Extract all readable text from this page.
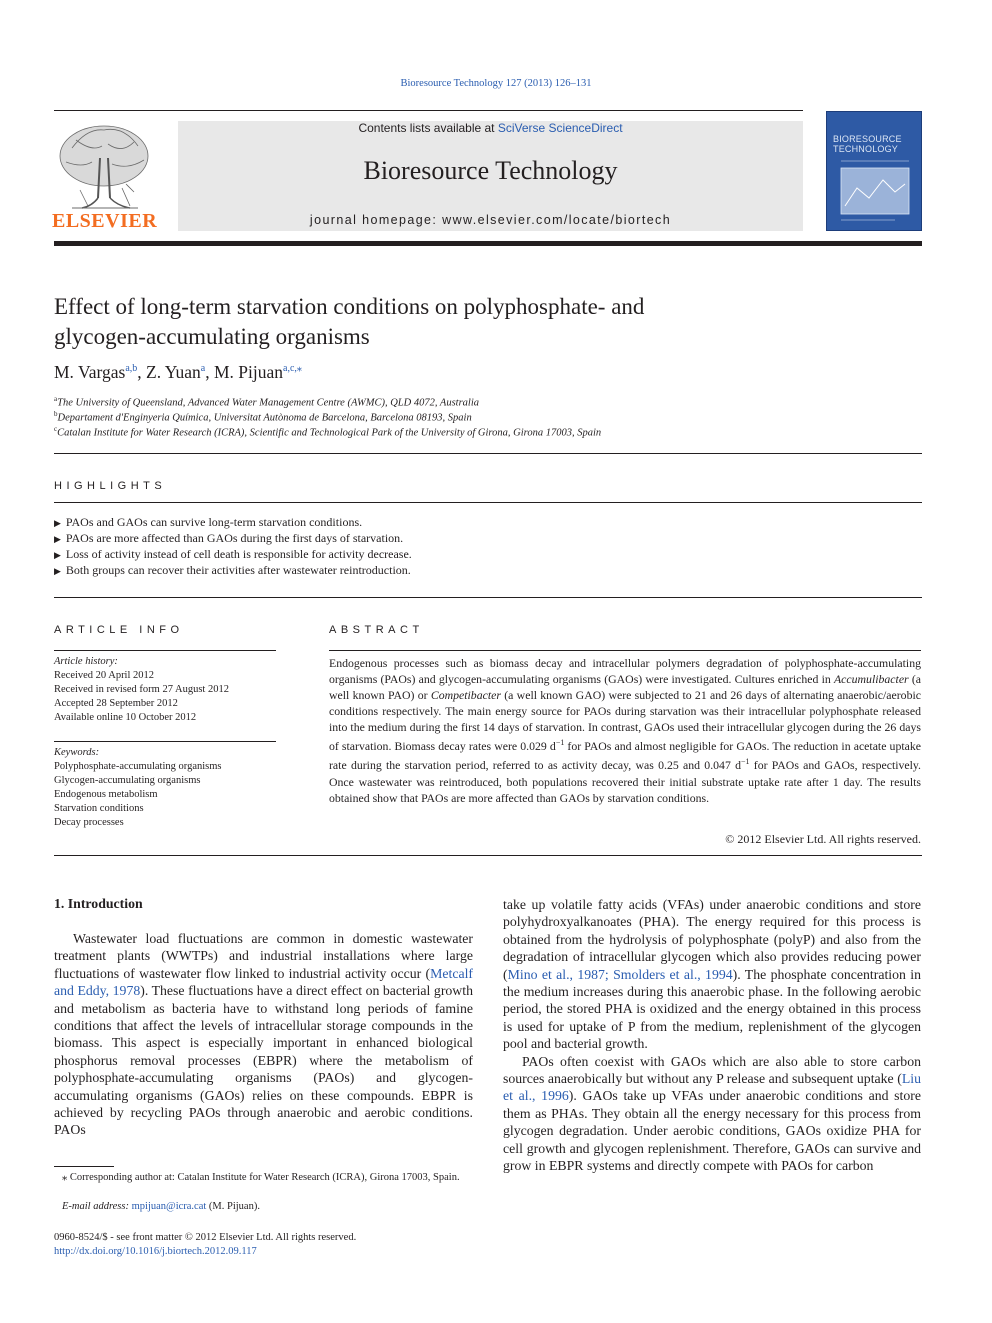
Bioresource Technology 127 (2013) 126–131
ELSEVIER
Contents lists available at SciVerse ScienceDirect
Bioresource Technology
journal homepage: www.elsevier.com/locate/biortech
BIORESOURCE
TECHNOLOGY
Effect of long-term starvation conditions on polyphosphate- and
glycogen-accumulating organisms
M. Vargas$^{a,b}$, Z. Yuan$^a$, M. Pijuan$^{a,c,⁎}$
$^a$The University of Queensland, Advanced Water Management Centre (AWMC), QLD 4072, Australia
$^b$Departament d'Enginyeria Química, Universitat Autònoma de Barcelona, Barcelona 08193, Spain
$^c$Catalan Institute for Water Research (ICRA), Scientific and Technological Park of the University of Girona, Girona 17003, Spain
HIGHLIGHTS
▶ PAOs and GAOs can survive long-term starvation conditions.
▶ PAOs are more affected than GAOs during the first days of starvation.
▶ Loss of activity instead of cell death is responsible for activity decrease.
▶ Both groups can recover their activities after wastewater reintroduction.
ARTICLE INFO
Article history:
Received 20 April 2012
Received in revised form 27 August 2012
Accepted 28 September 2012
Available online 10 October 2012
Keywords:
Polyphosphate-accumulating organisms
Glycogen-accumulating organisms
Endogenous metabolism
Starvation conditions
Decay processes
ABSTRACT
Endogenous processes such as biomass decay and intracellular polymers degradation of polyphosphate-accumulating organisms (PAOs) and glycogen-accumulating organisms (GAOs) were investigated. Cultures enriched in Accumulibacter (a well known PAO) or Competibacter (a well known GAO) were subjected to 21 and 26 days of alternating anaerobic/aerobic conditions respectively. The main energy source for PAOs during starvation was their intracellular polyphosphate released into the medium during the first 14 days of starvation. In contrast, GAOs used their intracellular glycogen during the 26 days of starvation. Biomass decay rates were 0.029 $d^{-1}$ for PAOs and almost negligible for GAOs. The reduction in acetate uptake rate during the starvation period, referred to as activity decay, was 0.25 and 0.047 $d^{-1}$ for PAOs and GAOs, respectively. Once wastewater was reintroduced, both populations recovered their initial substrate uptake rate after 1 day. The results obtained show that PAOs are more affected than GAOs by starvation conditions.
© 2012 Elsevier Ltd. All rights reserved.
1. Introduction
Wastewater load fluctuations are common in domestic wastewater treatment plants (WWTPs) and industrial installations where large fluctuations of wastewater flow linked to industrial activity occur (Metcalf and Eddy, 1978). These fluctuations have a direct effect on bacterial growth and metabolism as bacteria have to withstand long periods of famine conditions that affect the levels of intracellular storage compounds in the biomass. This aspect is especially important in enhanced biological phosphorus removal processes (EBPR) where the metabolism of polyphosphate-accumulating organisms (PAOs) and glycogen- accumulating organisms (GAOs) relies on these compounds. EBPR is achieved by recycling PAOs through anaerobic and aerobic conditions. PAOs
take up volatile fatty acids (VFAs) under anaerobic conditions and store polyhydroxyalkanoates (PHA). The energy required for this process is obtained from the hydrolysis of polyphosphate (polyP) and also from the degradation of intracellular glycogen which also provides reducing power (Mino et al., 1987; Smolders et al., 1994). The phosphate concentration in the medium increases during this anaerobic phase. In the following aerobic period, the stored PHA is oxidized and the energy obtained in this process is used for uptake of P from the medium, replenishment of the glycogen pool and bacterial growth.
PAOs often coexist with GAOs which are also able to store carbon sources anaerobically but without any P release and subsequent uptake (Liu et al., 1996). GAOs take up VFAs under anaerobic conditions and store them as PHAs. They obtain all the energy necessary for this process from glycogen degradation. Under aerobic conditions, GAOs oxidize PHA for cell growth and glycogen replenishment. Therefore, GAOs can survive and grow in EBPR systems and directly compete with PAOs for carbon
⁎ Corresponding author at: Catalan Institute for Water Research (ICRA), Girona 17003, Spain.
E-mail address: mpijuan@icra.cat (M. Pijuan).
0960-8524/$ - see front matter © 2012 Elsevier Ltd. All rights reserved.
http://dx.doi.org/10.1016/j.biortech.2012.09.117
